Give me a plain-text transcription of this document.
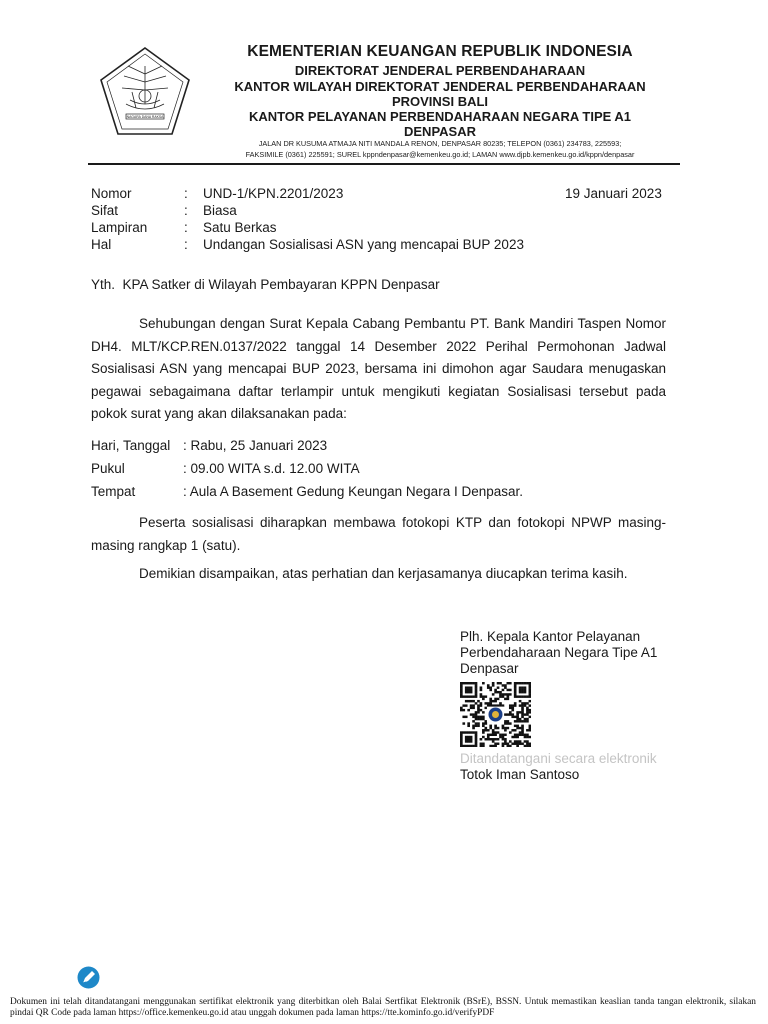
NAGARA DANA RAKSA
KEMENTERIAN KEUANGAN REPUBLIK INDONESIA
DIREKTORAT JENDERAL PERBENDAHARAAN
KANTOR WILAYAH DIREKTORAT JENDERAL PERBENDAHARAAN
PROVINSI BALI
KANTOR PELAYANAN PERBENDAHARAAN NEGARA TIPE A1
DENPASAR
JALAN DR KUSUMA ATMAJA NITI MANDALA RENON, DENPASAR 80235; TELEPON (0361) 234783, 225593;
FAKSIMILE (0361) 225591; SUREL kppndenpasar@kemenkeu.go.id; LAMAN www.djpb.kemenkeu.go.id/kppn/denpasar
19 Januari 2023
Nomor	: UND-1/KPN.2201/2023
Sifat	: Biasa
Lampiran	: Satu Berkas
Hal	: Undangan Sosialisasi ASN yang mencapai BUP 2023
Yth.  KPA Satker di Wilayah Pembayaran KPPN Denpasar
Sehubungan dengan Surat Kepala Cabang Pembantu PT. Bank Mandiri Taspen Nomor DH4. MLT/KCP.REN.0137/2022 tanggal 14 Desember 2022 Perihal Permohonan Jadwal Sosialisasi ASN yang mencapai BUP 2023, bersama ini dimohon agar Saudara menugaskan pegawai sebagaimana daftar terlampir untuk mengikuti kegiatan Sosialisasi tersebut pada pokok surat yang akan dilaksanakan pada:
Hari, Tanggal : Rabu, 25 Januari 2023
Pukul	: 09.00 WITA s.d. 12.00 WITA
Tempat	: Aula A Basement Gedung Keungan Negara I Denpasar.
Peserta sosialisasi diharapkan membawa fotokopi KTP dan fotokopi NPWP masing-masing rangkap 1 (satu).
Demikian disampaikan, atas perhatian dan kerjasamanya diucapkan terima kasih.
Plh. Kepala Kantor Pelayanan
Perbendaharaan Negara Tipe A1
Denpasar
Ditandatangani secara elektronik
Totok Iman Santoso
Dokumen ini telah ditandatangani menggunakan sertifikat elektronik yang diterbitkan oleh Balai Sertfikat Elektronik (BSrE), BSSN. Untuk memastikan keaslian tanda tangan elektronik, silakan pindai QR Code pada laman https://office.kemenkeu.go.id atau unggah dokumen pada laman https://tte.kominfo.go.id/verifyPDF
